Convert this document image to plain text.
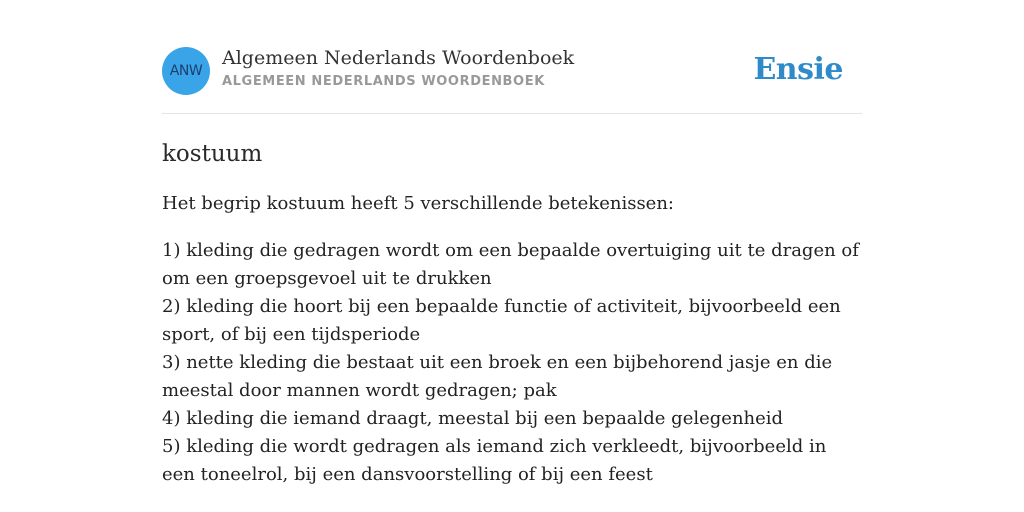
ANW
Algemeen Nederlands Woordenboek
ALGEMEEN NEDERLANDS WOORDENBOEK	Ensie
kostuum
Het begrip kostuum heeft 5 verschillende betekenissen:
1) kleding die gedragen wordt om een bepaalde overtuiging uit te dragen of om een groepsgevoel uit te drukken
2) kleding die hoort bij een bepaalde functie of activiteit, bijvoorbeeld een sport, of bij een tijdsperiode
3) nette kleding die bestaat uit een broek en een bijbehorend jasje en die meestal door mannen wordt gedragen; pak
4) kleding die iemand draagt, meestal bij een bepaalde gelegenheid
5) kleding die wordt gedragen als iemand zich verkleedt, bijvoorbeeld in een toneelrol, bij een dansvoorstelling of bij een feest
